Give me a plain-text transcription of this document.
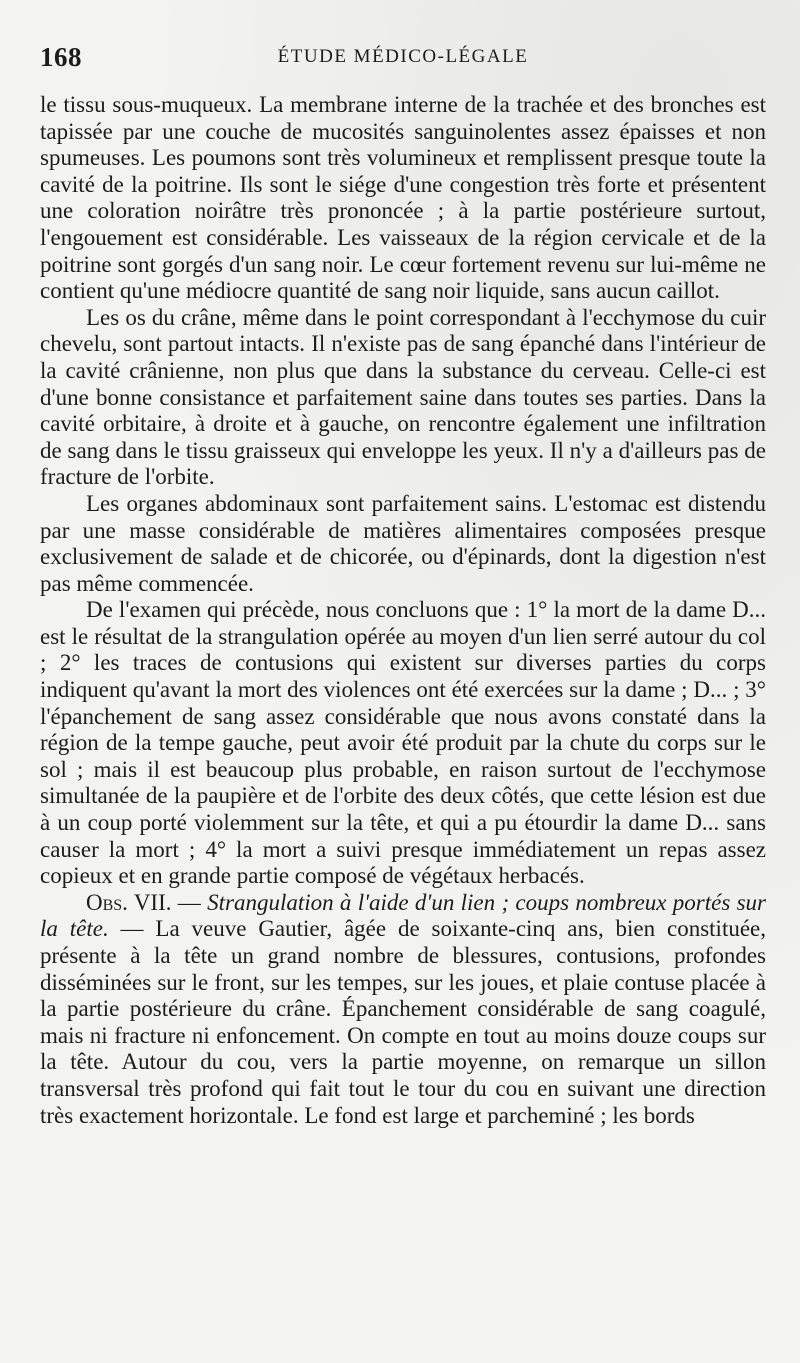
168	ÉTUDE MÉDICO-LÉGALE

le tissu sous-muqueux. La membrane interne de la trachée et des bronches est tapissée par une couche de mucosités sanguinolentes assez épaisses et non spumeuses. Les poumons sont très volumineux et remplissent presque toute la cavité de la poitrine. Ils sont le siége d'une congestion très forte et présentent une coloration noirâtre très prononcée ; à la partie postérieure surtout, l'engouement est considérable. Les vaisseaux de la région cervicale et de la poitrine sont gorgés d'un sang noir. Le cœur fortement revenu sur lui-même ne contient qu'une médiocre quantité de sang noir liquide, sans aucun caillot.

Les os du crâne, même dans le point correspondant à l'ecchymose du cuir chevelu, sont partout intacts. Il n'existe pas de sang épanché dans l'intérieur de la cavité crânienne, non plus que dans la substance du cerveau. Celle-ci est d'une bonne consistance et parfaitement saine dans toutes ses parties. Dans la cavité orbitaire, à droite et à gauche, on rencontre également une infiltration de sang dans le tissu graisseux qui enveloppe les yeux. Il n'y a d'ailleurs pas de fracture de l'orbite.

Les organes abdominaux sont parfaitement sains. L'estomac est distendu par une masse considérable de matières alimentaires composées presque exclusivement de salade et de chicorée, ou d'épinards, dont la digestion n'est pas même commencée.

De l'examen qui précède, nous concluons que : 1° la mort de la dame D... est le résultat de la strangulation opérée au moyen d'un lien serré autour du col ; 2° les traces de contusions qui existent sur diverses parties du corps indiquent qu'avant la mort des violences ont été exercées sur la dame ; D... ; 3° l'épanchement de sang assez considérable que nous avons constaté dans la région de la tempe gauche, peut avoir été produit par la chute du corps sur le sol ; mais il est beaucoup plus probable, en raison surtout de l'ecchymose simultanée de la paupière et de l'orbite des deux côtés, que cette lésion est due à un coup porté violemment sur la tête, et qui a pu étourdir la dame D... sans causer la mort ; 4° la mort a suivi presque immédiatement un repas assez copieux et en grande partie composé de végétaux herbacés.

Obs. VII. — Strangulation à l'aide d'un lien ; coups nombreux portés sur la tête. — La veuve Gautier, âgée de soixante-cinq ans, bien constituée, présente à la tête un grand nombre de blessures, contusions, profondes disséminées sur le front, sur les tempes, sur les joues, et plaie contuse placée à la partie postérieure du crâne. Épanchement considérable de sang coagulé, mais ni fracture ni enfoncement. On compte en tout au moins douze coups sur la tête. Autour du cou, vers la partie moyenne, on remarque un sillon transversal très profond qui fait tout le tour du cou en suivant une direction très exactement horizontale. Le fond est large et parcheminé ; les bords
